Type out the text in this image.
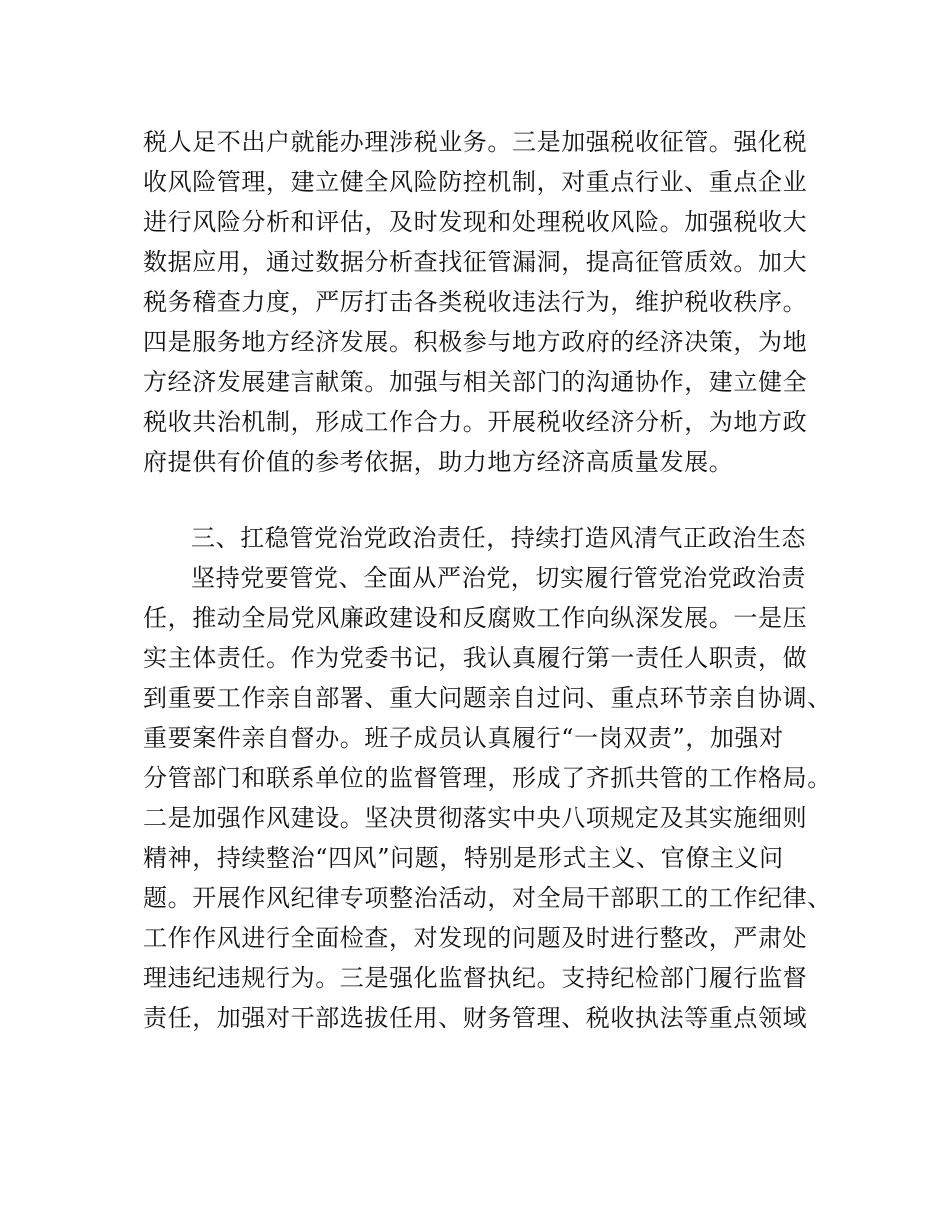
税人足不出户就能办理涉税业务。三是加强税收征管。强化税
收风险管理，建立健全风险防控机制，对重点行业、重点企业
进行风险分析和评估，及时发现和处理税收风险。加强税收大
数据应用，通过数据分析查找征管漏洞，提高征管质效。加大
税务稽查力度，严厉打击各类税收违法行为，维护税收秩序。
四是服务地方经济发展。积极参与地方政府的经济决策，为地
方经济发展建言献策。加强与相关部门的沟通协作，建立健全
税收共治机制，形成工作合力。开展税收经济分析，为地方政
府提供有价值的参考依据，助力地方经济高质量发展。
三、扛稳管党治党政治责任，持续打造风清气正政治生态
坚持党要管党、全面从严治党，切实履行管党治党政治责
任，推动全局党风廉政建设和反腐败工作向纵深发展。一是压
实主体责任。作为党委书记，我认真履行第一责任人职责，做
到重要工作亲自部署、重大问题亲自过问、重点环节亲自协调、
重要案件亲自督办。班子成员认真履行“一岗双责”，加强对
分管部门和联系单位的监督管理，形成了齐抓共管的工作格局。
二是加强作风建设。坚决贯彻落实中央八项规定及其实施细则
精神，持续整治“四风”问题，特别是形式主义、官僚主义问
题。开展作风纪律专项整治活动，对全局干部职工的工作纪律、
工作作风进行全面检查，对发现的问题及时进行整改，严肃处
理违纪违规行为。三是强化监督执纪。支持纪检部门履行监督
责任，加强对干部选拔任用、财务管理、税收执法等重点领域
